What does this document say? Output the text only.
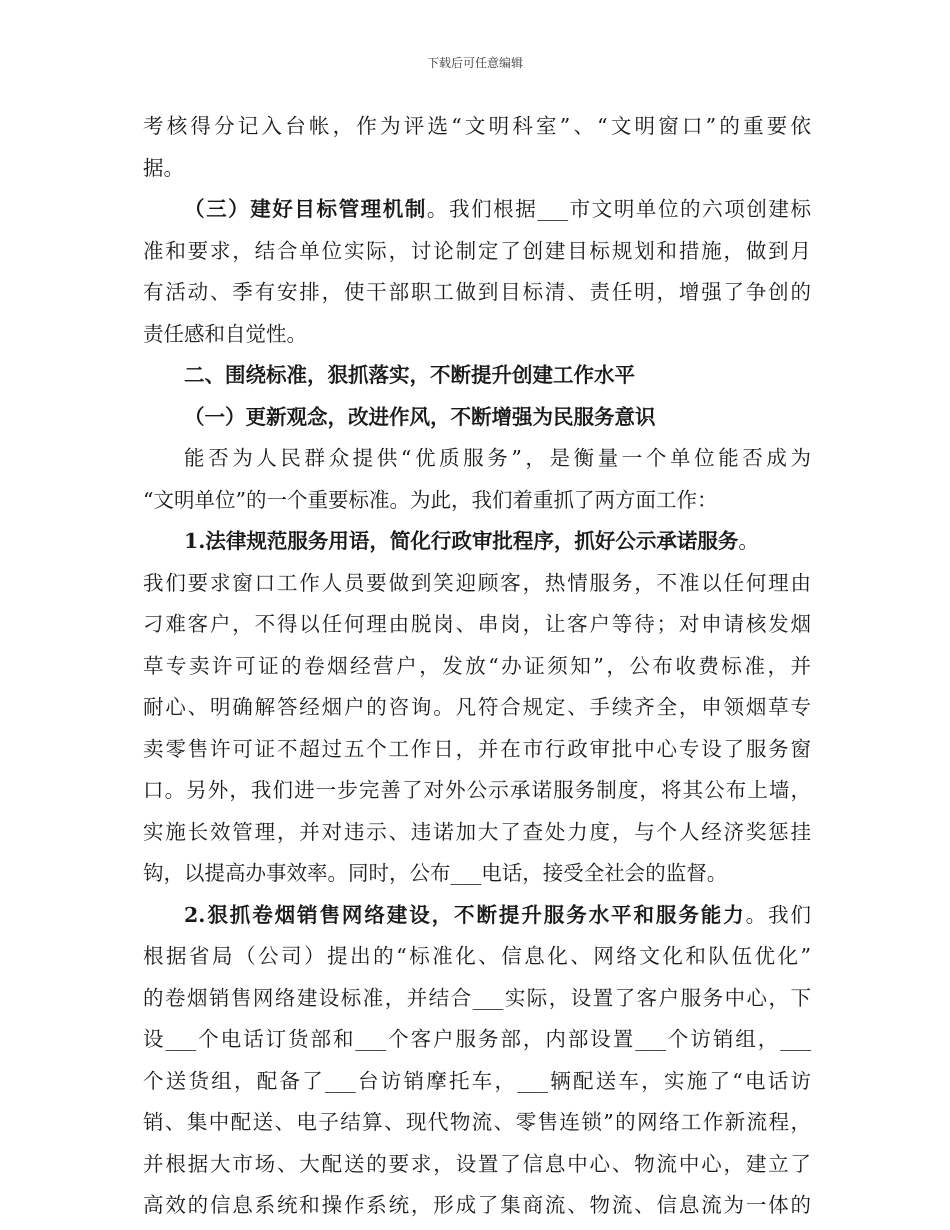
下载后可任意编辑
考核得分记入台帐，作为评选“文明科室”、“文明窗口”的重要依
据。
（三）建好目标管理机制。我们根据___市文明单位的六项创建标
准和要求，结合单位实际，讨论制定了创建目标规划和措施，做到月
有活动、季有安排，使干部职工做到目标清、责任明，增强了争创的
责任感和自觉性。
二、围绕标准，狠抓落实，不断提升创建工作水平
（一）更新观念，改进作风，不断增强为民服务意识
能否为人民群众提供“优质服务”，是衡量一个单位能否成为
“文明单位”的一个重要标准。为此，我们着重抓了两方面工作：
1.法律规范服务用语，简化行政审批程序，抓好公示承诺服务。
我们要求窗口工作人员要做到笑迎顾客，热情服务，不准以任何理由
刁难客户，不得以任何理由脱岗、串岗，让客户等待；对申请核发烟
草专卖许可证的卷烟经营户，发放“办证须知”，公布收费标准，并
耐心、明确解答经烟户的咨询。凡符合规定、手续齐全，申领烟草专
卖零售许可证不超过五个工作日，并在市行政审批中心专设了服务窗
口。另外，我们进一步完善了对外公示承诺服务制度，将其公布上墙，
实施长效管理，并对违示、违诺加大了查处力度，与个人经济奖惩挂
钩，以提高办事效率。同时，公布___电话，接受全社会的监督。
2.狠抓卷烟销售网络建设，不断提升服务水平和服务能力。我们
根据省局（公司）提出的“标准化、信息化、网络文化和队伍优化”
的卷烟销售网络建设标准，并结合___实际，设置了客户服务中心，下
设___个电话订货部和___个客户服务部，内部设置___个访销组，___
个送货组，配备了___台访销摩托车，___辆配送车，实施了“电话访
销、集中配送、电子结算、现代物流、零售连锁”的网络工作新流程，
并根据大市场、大配送的要求，设置了信息中心、物流中心，建立了
高效的信息系统和操作系统，形成了集商流、物流、信息流为一体的
